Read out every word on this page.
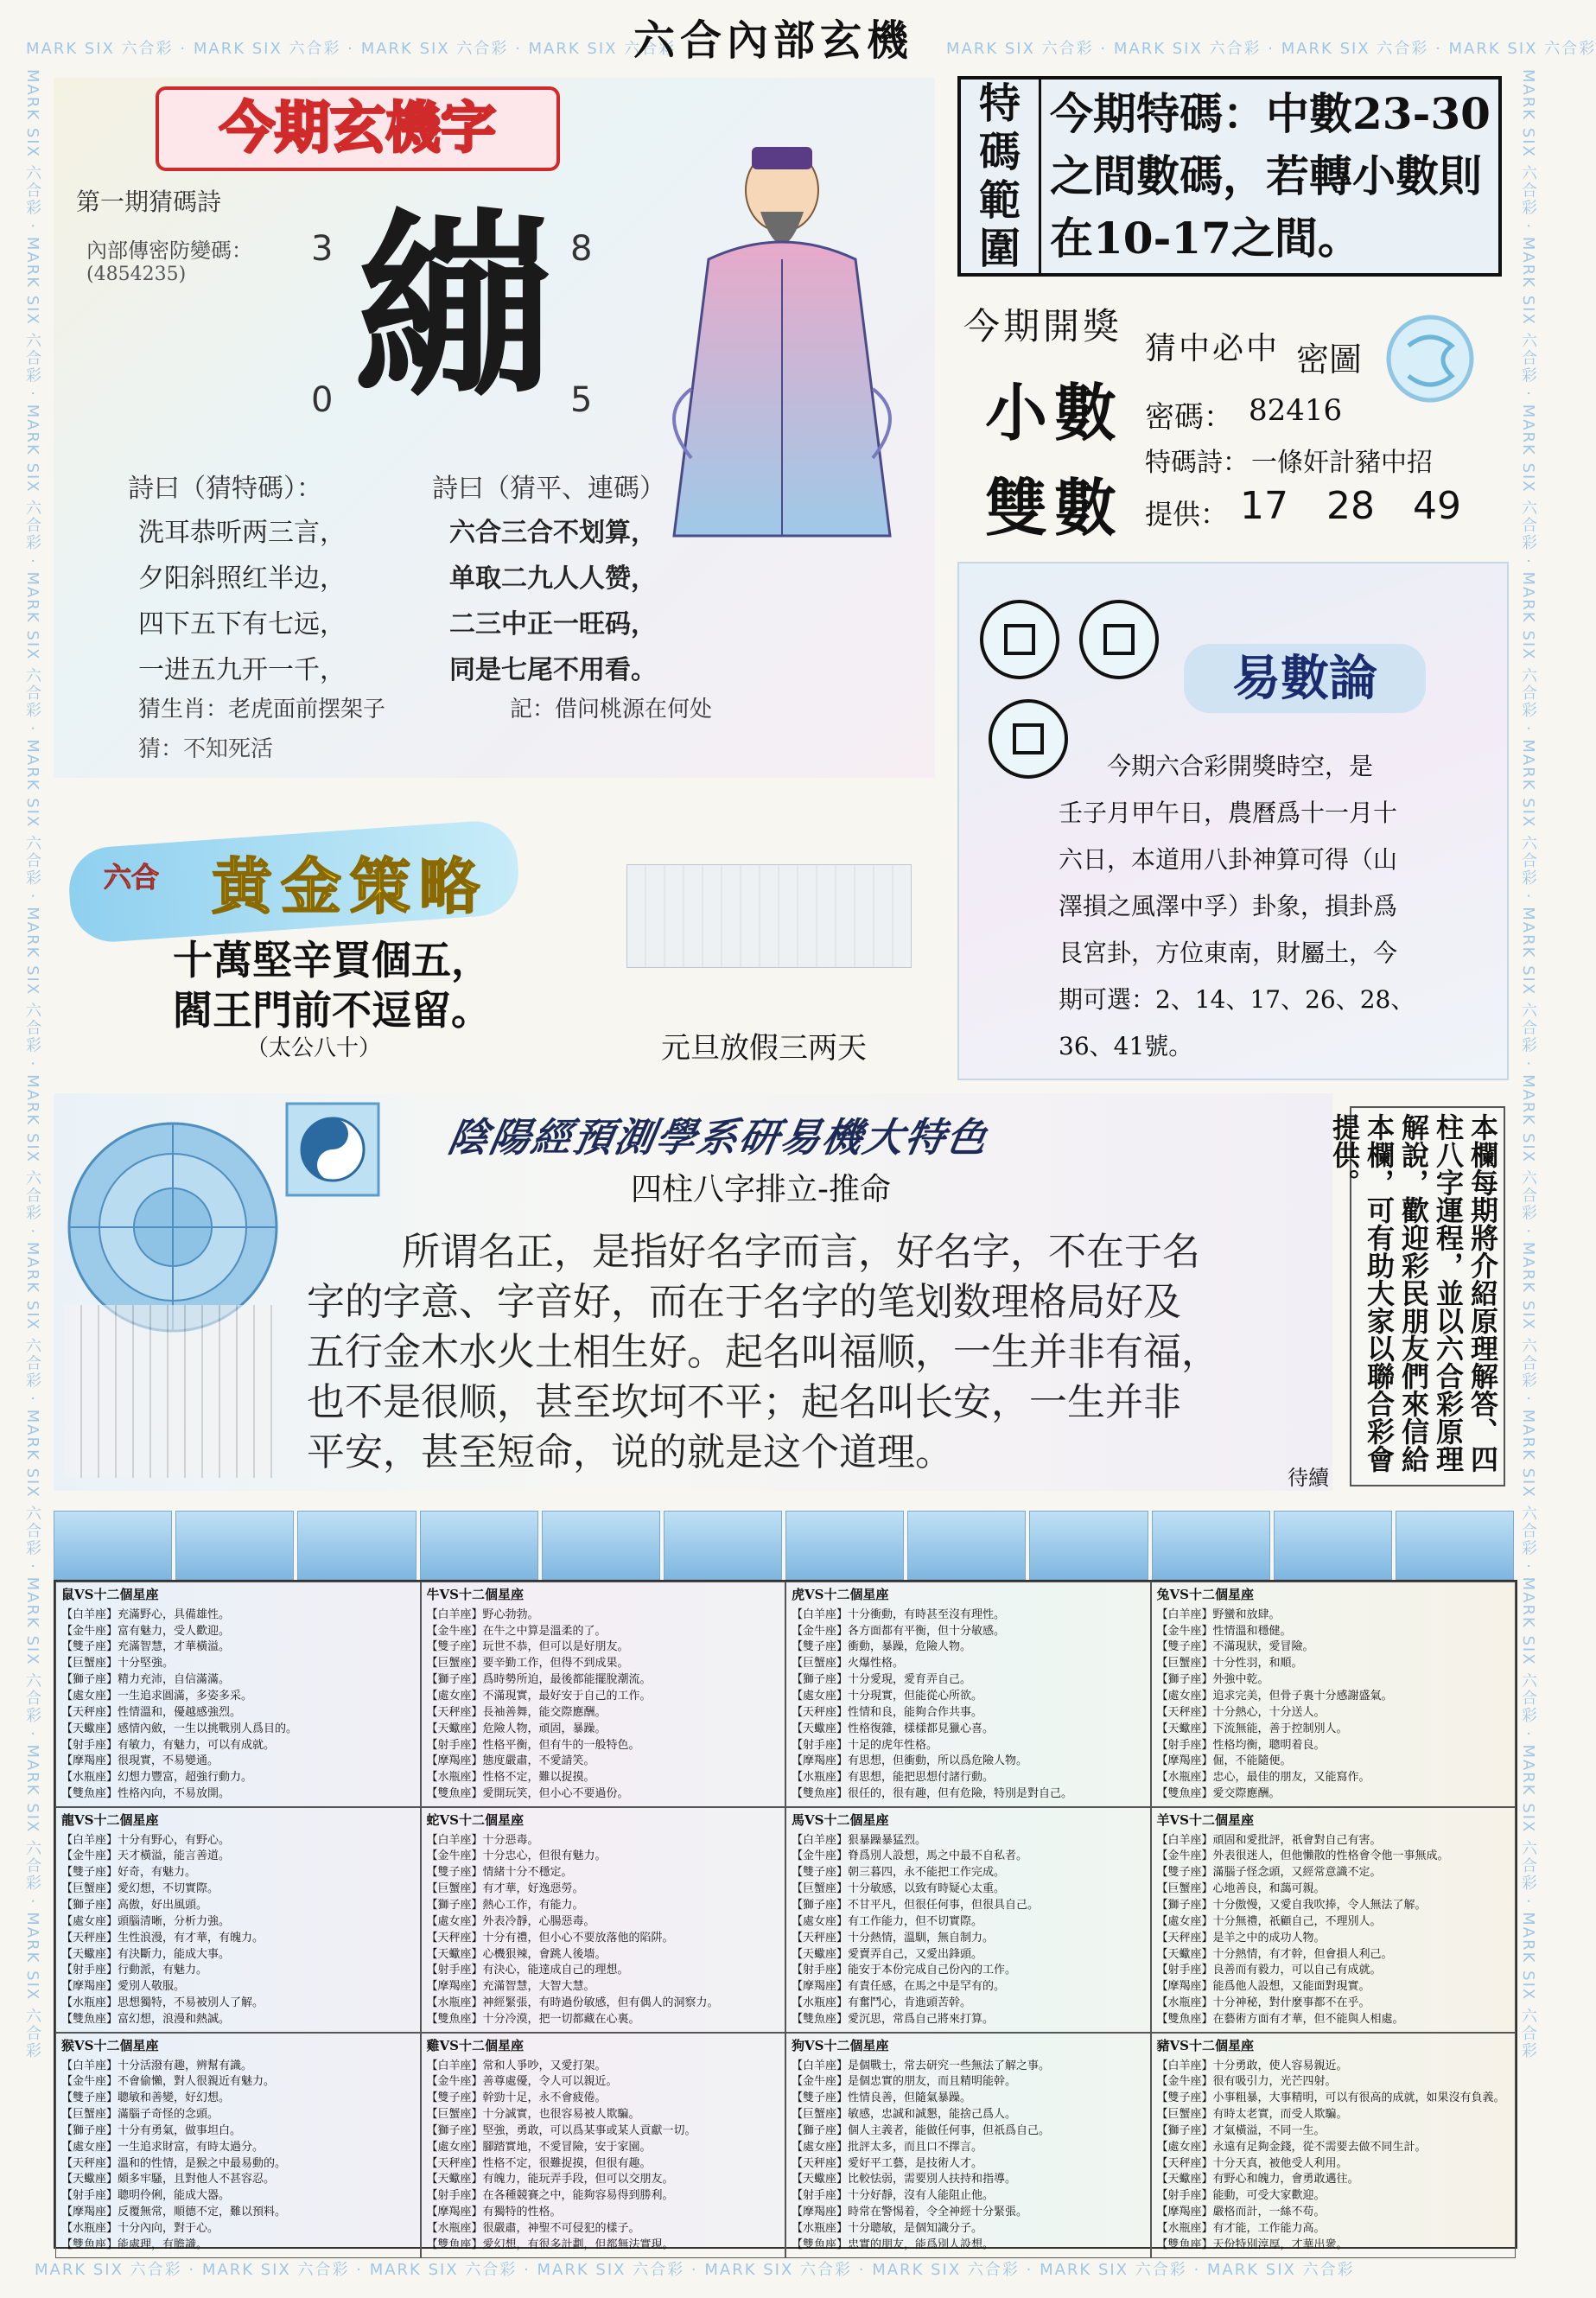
MARK SIX 六合彩 · MARK SIX 六合彩 · MARK SIX 六合彩 · MARK SIX 六合彩	MARK SIX 六合彩 · MARK SIX 六合彩 · MARK SIX 六合彩 · MARK SIX 六合彩
MARK SIX 六合彩 · MARK SIX 六合彩 · MARK SIX 六合彩 · MARK SIX 六合彩 · MARK SIX 六合彩 · MARK SIX 六合彩 · MARK SIX 六合彩 · MARK SIX 六合彩
MARK SIX 六合彩 · MARK SIX 六合彩 · MARK SIX 六合彩 · MARK SIX 六合彩 · MARK SIX 六合彩 · MARK SIX 六合彩 · MARK SIX 六合彩 · MARK SIX 六合彩 · MARK SIX 六合彩 · MARK SIX 六合彩 · MARK SIX 六合彩 · MARK SIX 六合彩
MARK SIX 六合彩 · MARK SIX 六合彩 · MARK SIX 六合彩 · MARK SIX 六合彩 · MARK SIX 六合彩 · MARK SIX 六合彩 · MARK SIX 六合彩 · MARK SIX 六合彩 · MARK SIX 六合彩 · MARK SIX 六合彩 · MARK SIX 六合彩 · MARK SIX 六合彩
六合內部玄機
今期玄機字
第一期猜碼詩
內部傳密防變碼：
(4854235)
3	8
0	5
繃
詩曰（猜特碼）：	詩曰（猜平、連碼）
洗耳恭听两三言，
夕阳斜照红半边，
四下五下有七远，
一进五九开一千，
六合三合不划算，
单取二九人人赞，
二三中正一旺码，
同是七尾不用看。
猜生肖：老虎面前摆架子	記：借问桃源在何处
猜：不知死活
特
碼
範
圍
今期特碼：中數23-30
之間數碼，若轉小數則
在10-17之間。
今期開獎
小數
雙數
猜中必中 密圖
密碼： 82416
特碼詩： 一條奸計豬中招
提供： 17 28 49
易數論
今期六合彩開獎時空，是
壬子月甲午日，農曆爲十一月十
六日，本道用八卦神算可得（山
澤損之風澤中孚）卦象，損卦爲
艮宮卦，方位東南，財屬土，今
期可選：2、14、17、26、28、
36、41號。
六合 黄金策略
十萬堅辛買個五，
閻王門前不逗留。
（太公八十）	元旦放假三两天
陰陽經預測學系研易機大特色
四柱八字排立-推命
所谓名正，是指好名字而言，好名字，不在于名
字的字意、字音好，而在于名字的笔划数理格局好及
五行金木水火土相生好。起名叫福顺，一生并非有福，
也不是很顺，甚至坎坷不平；起名叫长安，一生并非
平安，甚至短命，说的就是这个道理。
待續
本欄每期將介紹原理解答、四柱八字運程，並以六合彩原理解說，歡迎彩民朋友們來信給本欄，可有助大家以聯合彩會提供。
鼠VS十二個星座
【白羊座】充滿野心，具備雄性。
【金牛座】富有魅力，受人歡迎。
【雙子座】充滿智慧，才華橫溢。
【巨蟹座】十分堅強。
【獅子座】精力充沛，自信滿滿。
【處女座】一生追求圓滿，多姿多采。
【天秤座】性情溫和，優越感強烈。
【天蠍座】感情內斂，一生以挑戰別人爲目的。
【射手座】有敏力，有魅力，可以有成就。
【摩羯座】很現實，不易變通。
【水瓶座】幻想力豐富，超強行動力。
【雙魚座】性格內向，不易放開。
牛VS十二個星座
【白羊座】野心勃勃。
【金牛座】在牛之中算是溫柔的了。
【雙子座】玩世不恭，但可以是好朋友。
【巨蟹座】要辛勤工作，但得不到成果。
【獅子座】爲時勢所迫，最後都能擺脫潮流。
【處女座】不滿現實，最好安于自己的工作。
【天秤座】長袖善舞，能交際應酬。
【天蠍座】危險人物，頑固，暴躁。
【射手座】性格平衡，但有牛的一般特色。
【摩羯座】態度嚴肅，不愛請笑。
【水瓶座】性格不定，難以捉摸。
【雙魚座】愛開玩笑，但小心不要過份。
虎VS十二個星座
【白羊座】十分衝動，有時甚至沒有理性。
【金牛座】各方面都有平衡，但十分敏感。
【雙子座】衝動，暴躁，危險人物。
【巨蟹座】火爆性格。
【獅子座】十分愛現，愛育弄自己。
【處女座】十分現實，但能從心所欲。
【天秤座】性情和良，能夠合作共事。
【天蠍座】性格復雜，樣樣都見獵心喜。
【射手座】十足的虎年性格。
【摩羯座】有思想，但衝動，所以爲危險人物。
【水瓶座】有思想，能把思想付諸行動。
【雙魚座】很任的，很有趣，但有危險，特別是對自己。
兔VS十二個星座
【白羊座】野蠻和放肆。
【金牛座】性情溫和穩健。
【雙子座】不滿現狀，愛冒險。
【巨蟹座】十分性羽，和順。
【獅子座】外強中乾。
【處女座】追求完美，但骨子裏十分感謝盛氣。
【天秤座】十分熱心，十分送人。
【天蠍座】下流無能，善于控制別人。
【射手座】性格均衡，聰明着良。
【摩羯座】倔，不能隨便。
【水瓶座】忠心，最佳的朋友，又能寫作。
【雙魚座】愛交際應酬。
龍VS十二個星座
【白羊座】十分有野心，有野心。
【金牛座】天才橫溢，能言善道。
【雙子座】好奇，有魅力。
【巨蟹座】愛幻想，不切實際。
【獅子座】高傲，好出風頭。
【處女座】頭腦清晰，分析力強。
【天秤座】生性浪漫，有才華，有魄力。
【天蠍座】有決斷力，能成大事。
【射手座】行動派，有魅力。
【摩羯座】愛別人敬服。
【水瓶座】思想獨特，不易被別人了解。
【雙魚座】富幻想，浪漫和熱誠。
蛇VS十二個星座
【白羊座】十分惡毒。
【金牛座】十分忠心，但很有魅力。
【雙子座】情緒十分不穩定。
【巨蟹座】有才華，好逸惡勞。
【獅子座】熱心工作，有能力。
【處女座】外表冷靜，心腸惡毒。
【天秤座】十分有禮，但小心不要放落他的陷阱。
【天蠍座】心機狠辣，會跳人後墻。
【射手座】有決心，能達成自己的理想。
【摩羯座】充滿智慧，大智大慧。
【水瓶座】神經緊張，有時過份敏感，但有偶人的洞察力。
【雙魚座】十分冷漠，把一切都藏在心裏。
馬VS十二個星座
【白羊座】狠暴躁暴猛烈。
【金牛座】脊爲別人設想，馬之中最不自私者。
【雙子座】朝三暮四，永不能把工作完成。
【巨蟹座】十分敏感，以致有時疑心太重。
【獅子座】不甘平凡，但很任何事，但很具自己。
【處女座】有工作能力，但不切實際。
【天秤座】十分熱情，溫馴，無自制力。
【天蠍座】愛賣弄自己，又愛出鋒頭。
【射手座】能安于本份完成自己份內的工作。
【摩羯座】有責任感，在馬之中是罕有的。
【水瓶座】有奮鬥心，肯進頭苦幹。
【雙魚座】愛沉思，常爲自己將來打算。
羊VS十二個星座
【白羊座】頑固和愛批評，祇會對自己有害。
【金牛座】外表很迷人，但他懶散的性格會令他一事無成。
【雙子座】滿腦子怪念頭，又經常意識不定。
【巨蟹座】心地善良，和藹可親。
【獅子座】十分傲慢，又愛自我吹捧，令人無法了解。
【處女座】十分無禮，祇顧自己，不理別人。
【天秤座】是羊之中的成功人物。
【天蠍座】十分熱情，有才幹，但會損人利己。
【射手座】良善而有毅力，可以自己有成就。
【摩羯座】能爲他人設想，又能面對現實。
【水瓶座】十分神秘，對什麼事都不在乎。
【雙魚座】在藝術方面有才華，但不能與人相處。
猴VS十二個星座
【白羊座】十分活潑有趣，辨幫有識。
【金牛座】不會偷懶，對人很親近有魅力。
【雙子座】聰敏和善變，好幻想。
【巨蟹座】滿腦子奇怪的念頭。
【獅子座】十分有勇氣，做事坦白。
【處女座】一生追求財富，有時太過分。
【天秤座】溫和的性情，是猴之中最易動的。
【天蠍座】頗多牢騷，且對他人不甚容忍。
【射手座】聰明伶俐，能成大器。
【摩羯座】反覆無常，順德不定，難以預料。
【水瓶座】十分內向，對于心。
【雙魚座】能處理，有膽識。
雞VS十二個星座
【白羊座】常和人爭吵，又愛打架。
【金牛座】善尊處優，令人可以親近。
【雙子座】幹勁十足，永不會疲倦。
【巨蟹座】十分誠實，也很容易被人欺騙。
【獅子座】堅強，勇敢，可以爲某事或某人貢獻一切。
【處女座】腳踏實地，不愛冒險，安于家園。
【天秤座】性格不定，很難捉摸，但很有趣。
【天蠍座】有魄力，能玩弄手段，但可以交朋友。
【射手座】在各種競賽之中，能夠容易得到勝利。
【摩羯座】有獨特的性格。
【水瓶座】很嚴肅，神聖不可侵犯的樣子。
【雙魚座】愛幻想，有很多計劃，但都無法實現。
狗VS十二個星座
【白羊座】是個戰士，常去研究一些無法了解之事。
【金牛座】是個忠實的朋友，而且精明能幹。
【雙子座】性情良善，但隨氣暴躁。
【巨蟹座】敏感，忠誠和誠懇，能捨己爲人。
【獅子座】個人主義者，能做任何事，但祇爲自己。
【處女座】批評太多，而且口不擇言。
【天秤座】愛好平工藝，是技術人才。
【天蠍座】比較怯弱，需要別人扶持和指導。
【射手座】十分好靜，沒有人能阻止他。
【摩羯座】時常在警惕着，令全神經十分緊張。
【水瓶座】十分聰敏，是個知識分子。
【雙魚座】忠實的朋友，能爲別人設想。
豬VS十二個星座
【白羊座】十分勇敢，使人容易親近。
【金牛座】很有吸引力，光芒四射。
【雙子座】小事粗暴，大事精明，可以有很高的成就，如果沒有負義。
【巨蟹座】有時太老實，而受人欺騙。
【獅子座】才氣橫溢，不同一生。
【處女座】永遠有足夠金錢，從不需要去做不同生計。
【天秤座】十分天真，被他受人利用。
【天蠍座】有野心和魄力，會勇敢邁往。
【射手座】能動，可受大家歡迎。
【摩羯座】嚴格而計，一絲不苟。
【水瓶座】有才能，工作能力高。
【雙魚座】天份特別淳厚，才華出衆。
